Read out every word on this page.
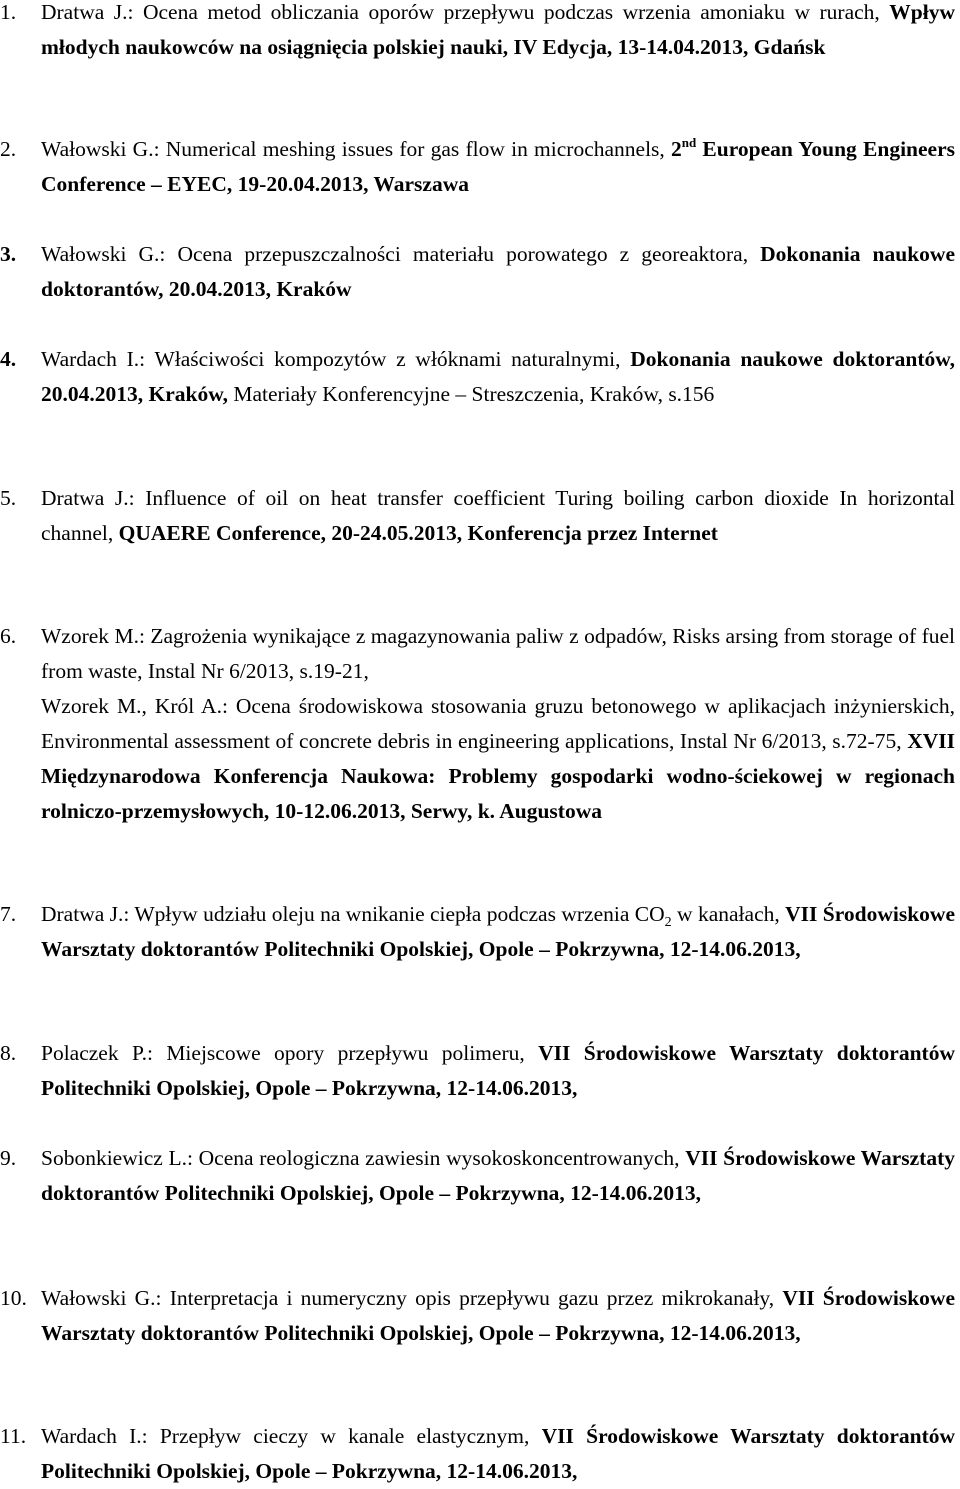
1. Dratwa J.: Ocena metod obliczania oporów przepływu podczas wrzenia amoniaku w rurach, Wpływ młodych naukowców na osiągnięcia polskiej nauki, IV Edycja, 13-14.04.2013, Gdańsk
2. Wałowski G.: Numerical meshing issues for gas flow in microchannels, 2nd European Young Engineers Conference – EYEC, 19-20.04.2013, Warszawa
3. Wałowski G.: Ocena przepuszczalności materiału porowatego z georeaktora, Dokonania naukowe doktorantów, 20.04.2013, Kraków
4. Wardach I.: Właściwości kompozytów z włóknami naturalnymi, Dokonania naukowe doktorantów, 20.04.2013, Kraków, Materiały Konferencyjne – Streszczenia, Kraków, s.156
5. Dratwa J.: Influence of oil on heat transfer coefficient Turing boiling carbon dioxide In horizontal channel, QUAERE Conference, 20-24.05.2013, Konferencja przez Internet
6. Wzorek M.: Zagrożenia wynikające z magazynowania paliw z odpadów, Risks arsing from storage of fuel from waste, Instal Nr 6/2013, s.19-21,
Wzorek M., Król A.: Ocena środowiskowa stosowania gruzu betonowego w aplikacjach inżynierskich, Environmental assessment of concrete debris in engineering applications, Instal Nr 6/2013, s.72-75, XVII Międzynarodowa Konferencja Naukowa: Problemy gospodarki wodno-ściekowej w regionach rolniczo-przemysłowych, 10-12.06.2013, Serwy, k. Augustowa
7. Dratwa J.: Wpływ udziału oleju na wnikanie ciepła podczas wrzenia $CO_2$ w kanałach, VII Środowiskowe Warsztaty doktorantów Politechniki Opolskiej, Opole – Pokrzywna, 12-14.06.2013,
8. Polaczek P.: Miejscowe opory przepływu polimeru, VII Środowiskowe Warsztaty doktorantów Politechniki Opolskiej, Opole – Pokrzywna, 12-14.06.2013,
9. Sobonkiewicz L.: Ocena reologiczna zawiesin wysokoskoncentrowanych, VII Środowiskowe Warsztaty doktorantów Politechniki Opolskiej, Opole – Pokrzywna, 12-14.06.2013,
10. Wałowski G.: Interpretacja i numeryczny opis przepływu gazu przez mikrokanały, VII Środowiskowe Warsztaty doktorantów Politechniki Opolskiej, Opole – Pokrzywna, 12-14.06.2013,
11. Wardach I.: Przepływ cieczy w kanale elastycznym, VII Środowiskowe Warsztaty doktorantów Politechniki Opolskiej, Opole – Pokrzywna, 12-14.06.2013,
